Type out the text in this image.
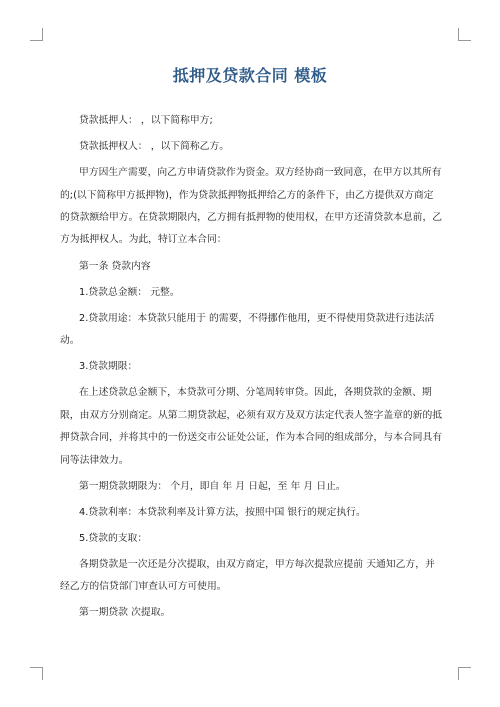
抵押及贷款合同 模板

贷款抵押人： ，以下简称甲方;

贷款抵押权人： ，以下简称乙方。

甲方因生产需要，向乙方申请贷款作为资金。双方经协商一致同意，在甲方以其所有的;(以下简称甲方抵押物)，作为贷款抵押物抵押给乙方的条件下，由乙方提供双方商定的贷款额给甲方。在贷款期限内，乙方拥有抵押物的使用权，在甲方还清贷款本息前，乙方为抵押权人。为此，特订立本合同：

第一条 贷款内容

1.贷款总金额： 元整。

2.贷款用途：本贷款只能用于 的需要，不得挪作他用，更不得使用贷款进行违法活动。

3.贷款期限：

在上述贷款总金额下，本贷款可分期、分笔周转审贷。因此，各期贷款的金额、期限，由双方分别商定。从第二期贷款起，必须有双方及双方法定代表人签字盖章的新的抵押贷款合同，并将其中的一份送交市公证处公证，作为本合同的组成部分，与本合同具有同等法律效力。

第一期贷款期限为： 个月，即自 年 月 日起，至 年 月 日止。

4.贷款利率：本贷款利率及计算方法，按照中国 银行的规定执行。

5.贷款的支取：

各期贷款是一次还是分次提取，由双方商定，甲方每次提款应提前 天通知乙方，并经乙方的信贷部门审查认可方可使用。

第一期贷款 次提取。
